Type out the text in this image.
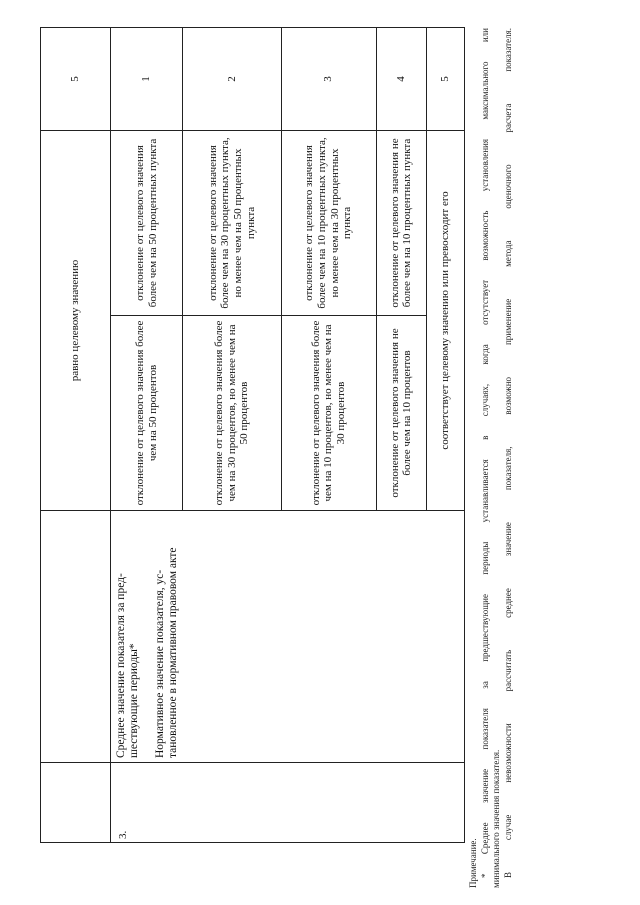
		равно целевому значению		5
3.	Среднее значение показателя за пред-шествующие периоды* Нормативное значение показателя, ус-тановленное в нормативном правовом акте	отклонение от целевого значения более чем на 50 процентов	отклонение от целевого значения более чем на 50 процентных пункта	1
		отклонение от целевого значения более чем на 30 процентов, но менее чем на 50 процентов	отклонение от целевого значения более чем на 30 процентных пункта, но менее чем на 50 процентных пункта	2
		отклонение от целевого значения более чем на 10 процентов, но менее чем на 30 процентов	отклонение от целевого значения более чем на 10 процентных пункта, но менее чем на 30 процентных пункта	3
		отклонение от целевого значения не более чем на 10 процентов	отклонение от целевого значения не более чем на 10 процентных пункта	4
		соответствует целевому значению или превосходит его		5

Примечание. * Среднее значение показателя за предшествующие периоды устанавливается в случаях, когда отсутствует возможность установления максимального или минимального значения показателя. В случае невозможности рассчитать среднее значение показателя, возможно применение метода оценочного расчета показателя.
